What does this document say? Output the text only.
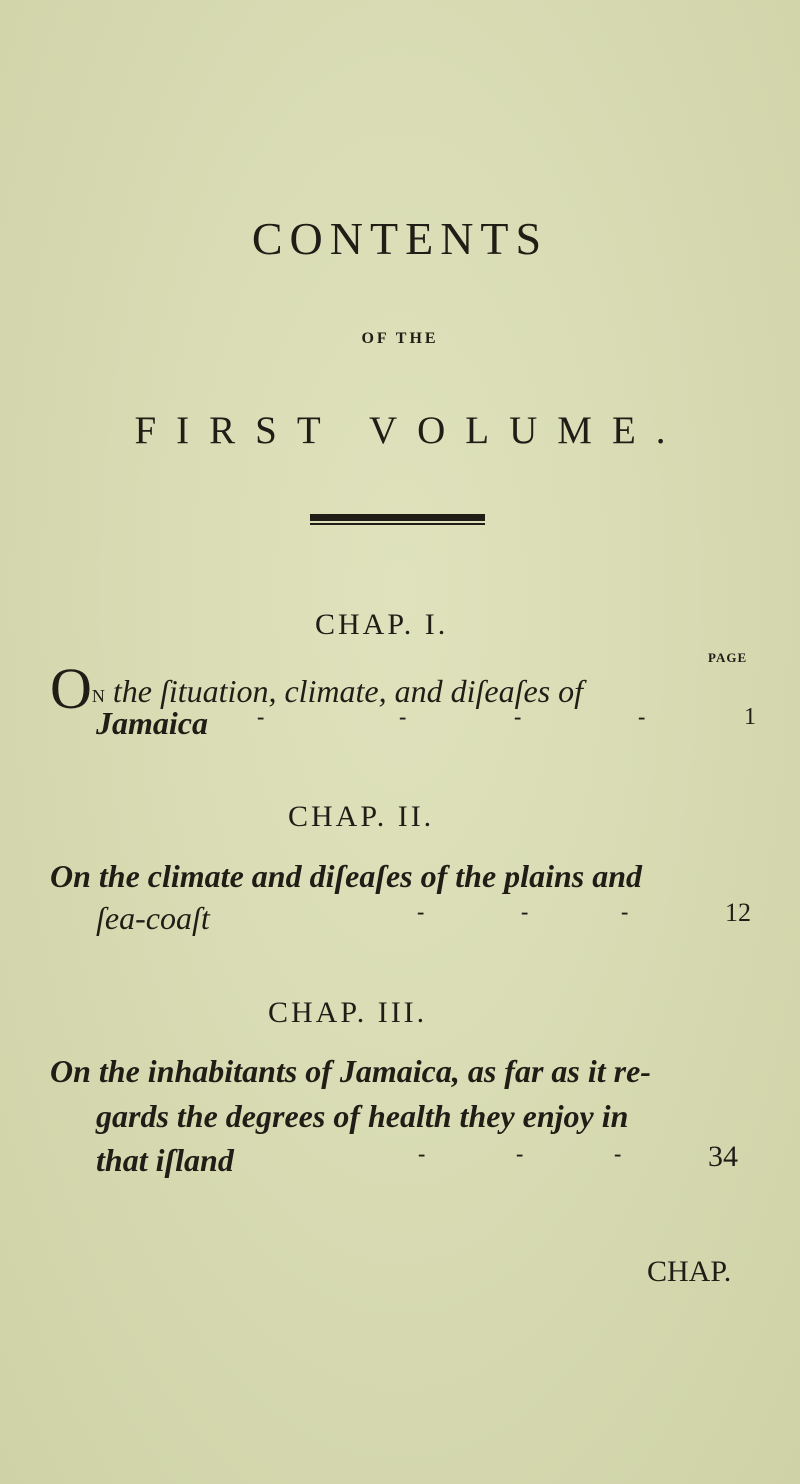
CONTENTS
OF THE
FIRST VOLUME.
CHAP. I.
PAGE
ON the ſituation, climate, and diſeaſes of
Jamaica -	-	-	-	1
CHAP. II.
On the climate and diſeaſes of the plains and
ſea-coaſt	-	-	-	12
CHAP. III.
On the inhabitants of Jamaica, as far as it re-
gards the degrees of health they enjoy in
that iſland	-	-	-	34
CHAP.
